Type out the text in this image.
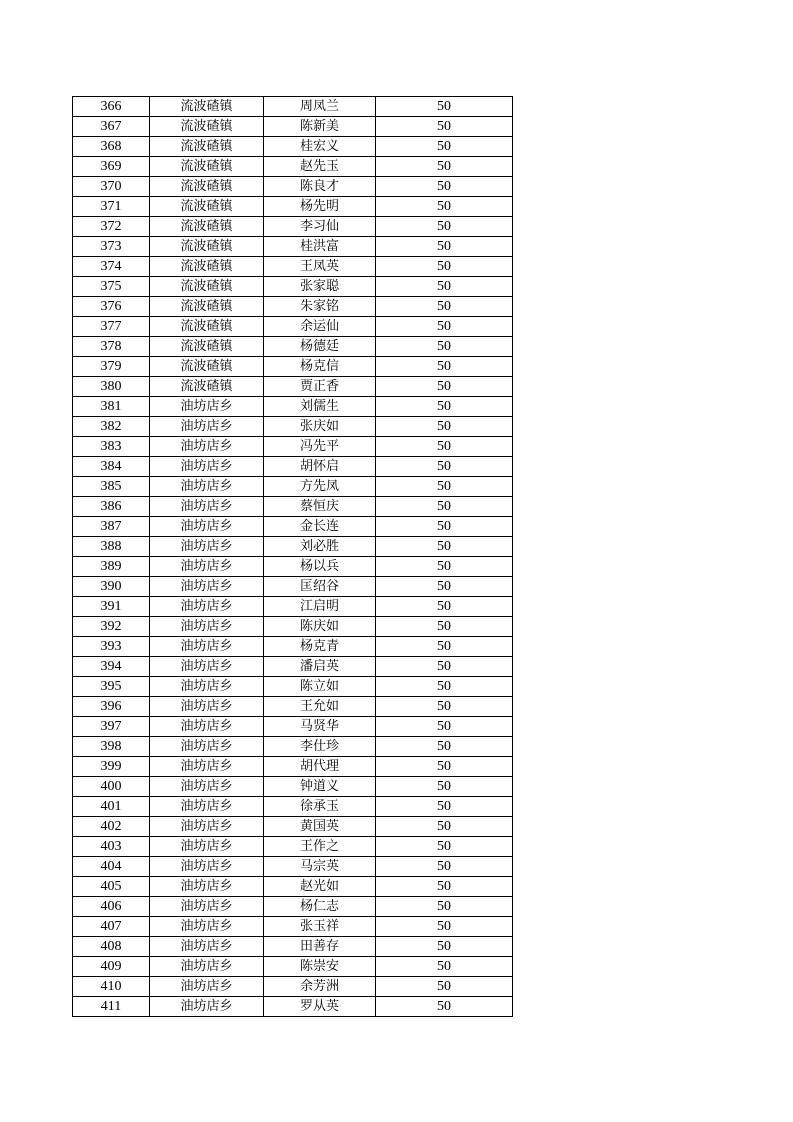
366	流波碴镇	周凤兰	50
367	流波碴镇	陈新美	50
368	流波碴镇	桂宏义	50
369	流波碴镇	赵先玉	50
370	流波碴镇	陈良才	50
371	流波碴镇	杨先明	50
372	流波碴镇	李习仙	50
373	流波碴镇	桂洪富	50
374	流波碴镇	王凤英	50
375	流波碴镇	张家聪	50
376	流波碴镇	朱家铭	50
377	流波碴镇	余运仙	50
378	流波碴镇	杨德廷	50
379	流波碴镇	杨克信	50
380	流波碴镇	贾正香	50
381	油坊店乡	刘儒生	50
382	油坊店乡	张庆如	50
383	油坊店乡	冯先平	50
384	油坊店乡	胡怀启	50
385	油坊店乡	方先凤	50
386	油坊店乡	蔡恒庆	50
387	油坊店乡	金长连	50
388	油坊店乡	刘必胜	50
389	油坊店乡	杨以兵	50
390	油坊店乡	匡绍谷	50
391	油坊店乡	江启明	50
392	油坊店乡	陈庆如	50
393	油坊店乡	杨克青	50
394	油坊店乡	潘启英	50
395	油坊店乡	陈立如	50
396	油坊店乡	王允如	50
397	油坊店乡	马贤华	50
398	油坊店乡	李仕珍	50
399	油坊店乡	胡代理	50
400	油坊店乡	钟道义	50
401	油坊店乡	徐承玉	50
402	油坊店乡	黄国英	50
403	油坊店乡	王作之	50
404	油坊店乡	马宗英	50
405	油坊店乡	赵光如	50
406	油坊店乡	杨仁志	50
407	油坊店乡	张玉祥	50
408	油坊店乡	田善存	50
409	油坊店乡	陈崇安	50
410	油坊店乡	余芳洲	50
411	油坊店乡	罗从英	50
